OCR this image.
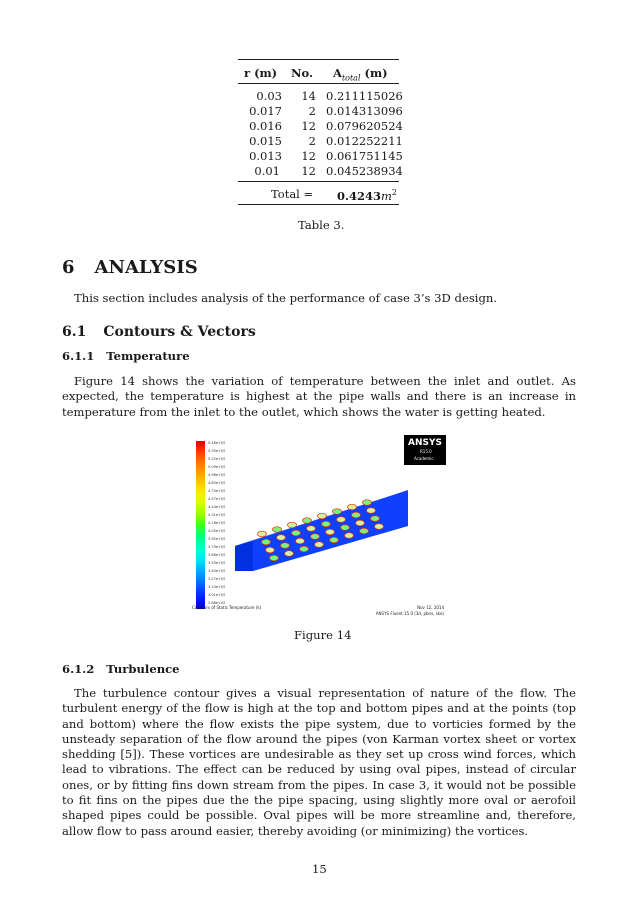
r (m) No. $A_{total}$ (m)
0.03	14 0.211115026
0.017	2 0.014313096
0.016	12 0.079620524
0.015	2 0.012252211
0.013	12 0.061751145
0.01	12 0.045238934
Total = $0.4243m^2$
Table 3.
6 ANALYSIS
This section includes analysis of the performance of case 3’s 3D design.
6.1 Contours & Vectors
6.1.1 Temperature
Figure 14 shows the variation of temperature between the inlet and outlet. As expected, the temperature is highest at the pipe walls and there is an increase in temperature from the inlet to the outlet, which shows the water is getting heated.
5.48e+02
5.35e+02
5.22e+02
5.09e+02
4.96e+02
4.83e+02
4.70e+02
4.57e+02
4.44e+02
4.31e+02
4.18e+02
4.05e+02
3.92e+02
3.79e+02
3.66e+02
3.53e+02
3.40e+02
3.27e+02
3.14e+02
3.01e+02
2.88e+02
ANSYS
R15.0
Academic
Contours of Static Temperature (k)	Nov 12, 2014
ANSYS Fluent 15.0 (3d, pbns, ske)
Figure 14
6.1.2 Turbulence
The turbulence contour gives a visual representation of nature of the flow. The turbulent energy of the flow is high at the top and bottom pipes and at the points (top and bottom) where the flow exists the pipe system, due to vorticies formed by the unsteady separation of the flow around the pipes (von Karman vortex sheet or vortex shedding [5]). These vortices are undesirable as they set up cross wind forces, which lead to vibrations. The effect can be reduced by using oval pipes, instead of circular ones, or by fitting fins down stream from the pipes. In case 3, it would not be possible to fit fins on the pipes due the the pipe spacing, using slightly more oval or aerofoil shaped pipes could be possible. Oval pipes will be more streamline and, therefore, allow flow to pass around easier, thereby avoiding (or minimizing) the vortices.
15
